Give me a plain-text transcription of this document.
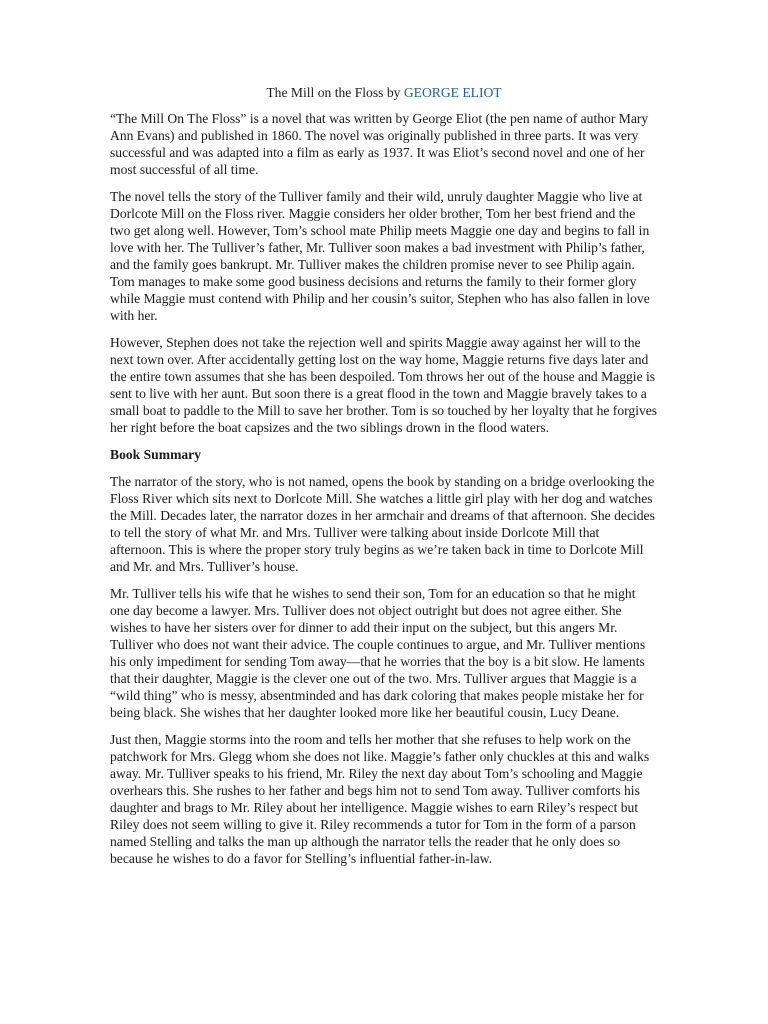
The Mill on the Floss by GEORGE ELIOT

“The Mill On The Floss” is a novel that was written by George Eliot (the pen name of author Mary Ann Evans) and published in 1860. The novel was originally published in three parts. It was very successful and was adapted into a film as early as 1937. It was Eliot’s second novel and one of her most successful of all time.

The novel tells the story of the Tulliver family and their wild, unruly daughter Maggie who live at Dorlcote Mill on the Floss river. Maggie considers her older brother, Tom her best friend and the two get along well. However, Tom’s school mate Philip meets Maggie one day and begins to fall in love with her. The Tulliver’s father, Mr. Tulliver soon makes a bad investment with Philip’s father, and the family goes bankrupt. Mr. Tulliver makes the children promise never to see Philip again. Tom manages to make some good business decisions and returns the family to their former glory while Maggie must contend with Philip and her cousin’s suitor, Stephen who has also fallen in love with her.

However, Stephen does not take the rejection well and spirits Maggie away against her will to the next town over. After accidentally getting lost on the way home, Maggie returns five days later and the entire town assumes that she has been despoiled. Tom throws her out of the house and Maggie is sent to live with her aunt. But soon there is a great flood in the town and Maggie bravely takes to a small boat to paddle to the Mill to save her brother. Tom is so touched by her loyalty that he forgives her right before the boat capsizes and the two siblings drown in the flood waters.

Book Summary

The narrator of the story, who is not named, opens the book by standing on a bridge overlooking the Floss River which sits next to Dorlcote Mill. She watches a little girl play with her dog and watches the Mill. Decades later, the narrator dozes in her armchair and dreams of that afternoon. She decides to tell the story of what Mr. and Mrs. Tulliver were talking about inside Dorlcote Mill that afternoon. This is where the proper story truly begins as we’re taken back in time to Dorlcote Mill and Mr. and Mrs. Tulliver’s house.

Mr. Tulliver tells his wife that he wishes to send their son, Tom for an education so that he might one day become a lawyer. Mrs. Tulliver does not object outright but does not agree either. She wishes to have her sisters over for dinner to add their input on the subject, but this angers Mr. Tulliver who does not want their advice. The couple continues to argue, and Mr. Tulliver mentions his only impediment for sending Tom away—that he worries that the boy is a bit slow. He laments that their daughter, Maggie is the clever one out of the two. Mrs. Tulliver argues that Maggie is a “wild thing” who is messy, absentminded and has dark coloring that makes people mistake her for being black. She wishes that her daughter looked more like her beautiful cousin, Lucy Deane.

Just then, Maggie storms into the room and tells her mother that she refuses to help work on the patchwork for Mrs. Glegg whom she does not like. Maggie’s father only chuckles at this and walks away. Mr. Tulliver speaks to his friend, Mr. Riley the next day about Tom’s schooling and Maggie overhears this. She rushes to her father and begs him not to send Tom away. Tulliver comforts his daughter and brags to Mr. Riley about her intelligence. Maggie wishes to earn Riley’s respect but Riley does not seem willing to give it. Riley recommends a tutor for Tom in the form of a parson named Stelling and talks the man up although the narrator tells the reader that he only does so because he wishes to do a favor for Stelling’s influential father-in-law.
